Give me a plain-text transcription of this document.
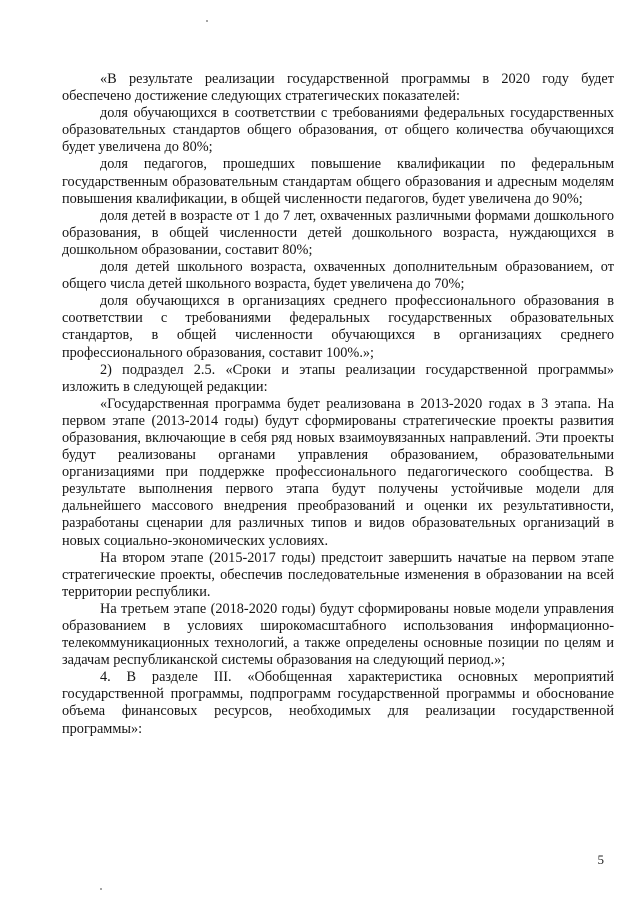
«В результате реализации государственной программы в 2020 году будет обеспечено достижение следующих стратегических показателей:

доля обучающихся в соответствии с требованиями федеральных государственных образовательных стандартов общего образования, от общего количества обучающихся будет увеличена до 80%;

доля педагогов, прошедших повышение квалификации по федеральным государственным образовательным стандартам общего образования и адресным моделям повышения квалификации, в общей численности педагогов, будет увеличена до 90%;

доля детей в возрасте от 1 до 7 лет, охваченных различными формами дошкольного образования, в общей численности детей дошкольного возраста, нуждающихся в дошкольном образовании, составит 80%;

доля детей школьного возраста, охваченных дополнительным образованием, от общего числа детей школьного возраста, будет увеличена до 70%;

доля обучающихся в организациях среднего профессионального образования в соответствии с требованиями федеральных государственных образовательных стандартов, в общей численности обучающихся в организациях среднего профессионального образования, составит 100%.»;

2) подраздел 2.5. «Сроки и этапы реализации государственной программы» изложить в следующей редакции:

«Государственная программа будет реализована в 2013-2020 годах в 3 этапа. На первом этапе (2013-2014 годы) будут сформированы стратегические проекты развития образования, включающие в себя ряд новых взаимоувязанных направлений. Эти проекты будут реализованы органами управления образованием, образовательными организациями при поддержке профессионального педагогического сообщества. В результате выполнения первого этапа будут получены устойчивые модели для дальнейшего массового внедрения преобразований и оценки их результативности, разработаны сценарии для различных типов и видов образовательных организаций в новых социально-экономических условиях.

На втором этапе (2015-2017 годы) предстоит завершить начатые на первом этапе стратегические проекты, обеспечив последовательные изменения в образовании на всей территории республики.

На третьем этапе (2018-2020 годы) будут сформированы новые модели управления образованием в условиях широкомасштабного использования информационно-телекоммуникационных технологий, а также определены основные позиции по целям и задачам республиканской системы образования на следующий период.»;

4. В разделе III. «Обобщенная характеристика основных мероприятий государственной программы, подпрограмм государственной программы и обоснование объема финансовых ресурсов, необходимых для реализации государственной программы»:

5
